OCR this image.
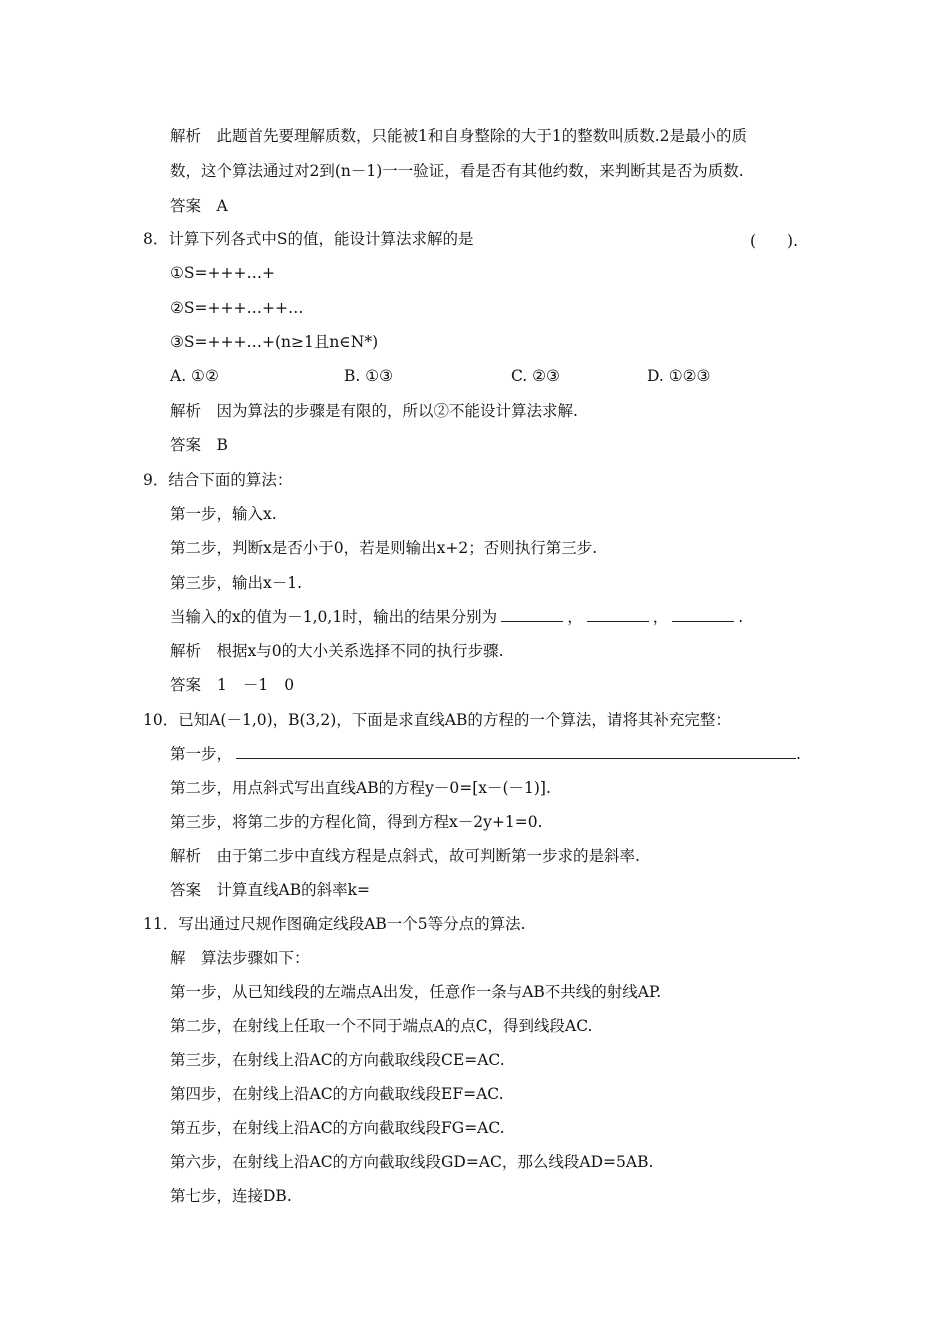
解析　此题首先要理解质数，只能被1和自身整除的大于1的整数叫质数.2是最小的质
数，这个算法通过对2到(n－1)一一验证，看是否有其他约数，来判断其是否为质数.
答案　A
8．计算下列各式中S的值，能设计算法求解的是	(　　).
①S=+++…+
②S=+++…++…
③S=+++…+(n≥1且n∈N*)
A. ①②	B. ①③	C. ②③	D. ①②③
解析　因为算法的步骤是有限的，所以②不能设计算法求解.
答案　B
9．结合下面的算法：
第一步，输入x.
第二步，判断x是否小于0，若是则输出x+2；否则执行第三步.
第三步，输出x－1.
当输入的x的值为－1,0,1时，输出的结果分别为	，	，	.
解析　根据x与0的大小关系选择不同的执行步骤.
答案 1 －1 0
10．已知A(－1,0)，B(3,2)，下面是求直线AB的方程的一个算法，请将其补充完整：
第一步，	.
第二步，用点斜式写出直线AB的方程y－0=[x－(－1)].
第三步，将第二步的方程化简，得到方程x－2y+1=0.
解析　由于第二步中直线方程是点斜式，故可判断第一步求的是斜率.
答案　计算直线AB的斜率k=
11．写出通过尺规作图确定线段AB一个5等分点的算法.
解　算法步骤如下：
第一步，从已知线段的左端点A出发，任意作一条与AB不共线的射线AP.
第二步，在射线上任取一个不同于端点A的点C，得到线段AC.
第三步，在射线上沿AC的方向截取线段CE=AC.
第四步，在射线上沿AC的方向截取线段EF=AC.
第五步，在射线上沿AC的方向截取线段FG=AC.
第六步，在射线上沿AC的方向截取线段GD=AC，那么线段AD=5AB.
第七步，连接DB.
